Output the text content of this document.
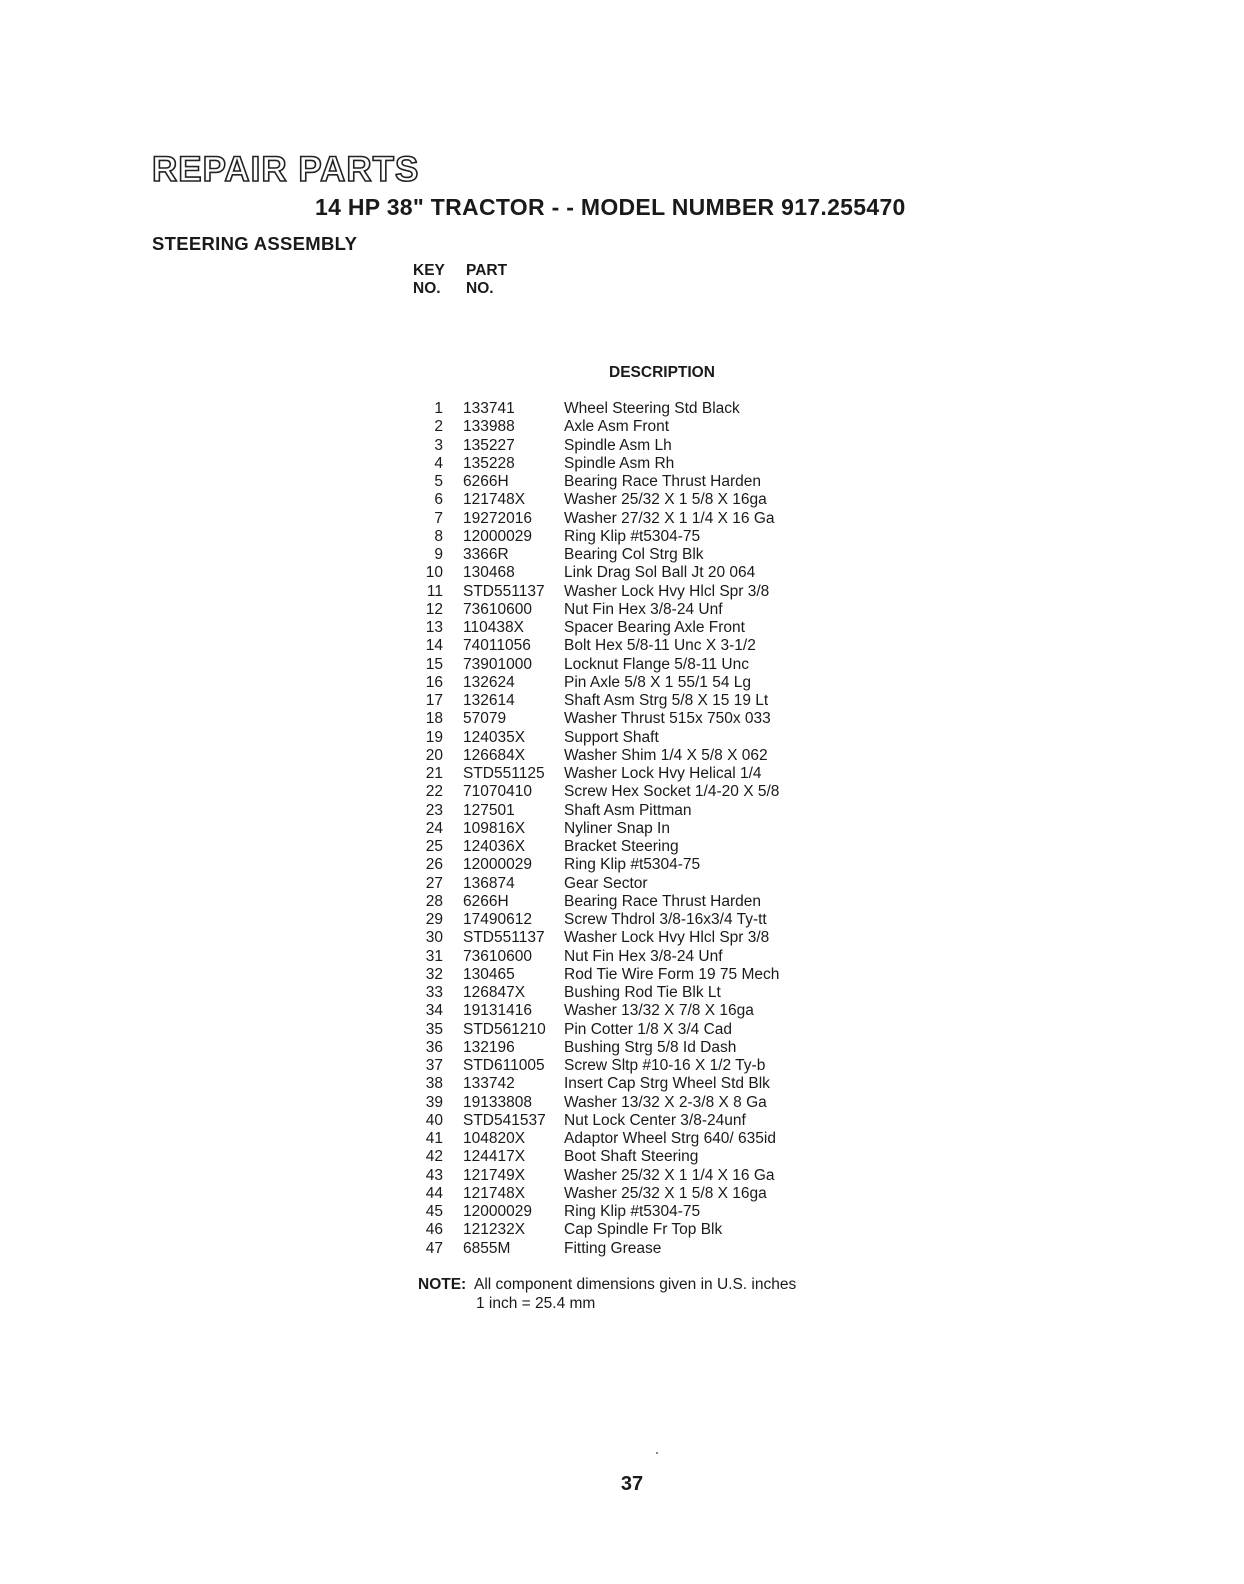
REPAIR PARTS
14 HP 38" TRACTOR - - MODEL NUMBER 917.255470
STEERING ASSEMBLY
KEY
NO.
PART
NO.
DESCRIPTION
1	133741	Wheel Steering Std Black
2	133988	Axle Asm Front
3	135227	Spindle Asm Lh
4	135228	Spindle Asm Rh
5	6266H	Bearing Race Thrust Harden
6	121748X	Washer 25/32 X 1 5/8 X 16ga
7	19272016	Washer 27/32 X 1 1/4 X 16 Ga
8	12000029	Ring Klip #t5304-75
9	3366R	Bearing Col Strg Blk
10	130468	Link Drag Sol Ball Jt 20 064
11	STD551137	Washer Lock Hvy Hlcl Spr 3/8
12	73610600	Nut Fin Hex 3/8-24 Unf
13	110438X	Spacer Bearing Axle Front
14	74011056	Bolt Hex 5/8-11 Unc X 3-1/2
15	73901000	Locknut Flange 5/8-11 Unc
16	132624	Pin Axle 5/8 X 1 55/1 54 Lg
17	132614	Shaft Asm Strg 5/8 X 15 19 Lt
18	57079	Washer Thrust 515x 750x 033
19	124035X	Support Shaft
20	126684X	Washer Shim 1/4 X 5/8 X 062
21	STD551125	Washer Lock Hvy Helical 1/4
22	71070410	Screw Hex Socket 1/4-20 X 5/8
23	127501	Shaft Asm Pittman
24	109816X	Nyliner Snap In
25	124036X	Bracket Steering
26	12000029	Ring Klip #t5304-75
27	136874	Gear Sector
28	6266H	Bearing Race Thrust Harden
29	17490612	Screw Thdrol 3/8-16x3/4 Ty-tt
30	STD551137	Washer Lock Hvy Hlcl Spr 3/8
31	73610600	Nut Fin Hex 3/8-24 Unf
32	130465	Rod Tie Wire Form 19 75 Mech
33	126847X	Bushing Rod Tie Blk Lt
34	19131416	Washer 13/32 X 7/8 X 16ga
35	STD561210	Pin Cotter 1/8 X 3/4 Cad
36	132196	Bushing Strg 5/8 Id Dash
37	STD611005	Screw Sltp #10-16 X 1/2 Ty-b
38	133742	Insert Cap Strg Wheel Std Blk
39	19133808	Washer 13/32 X 2-3/8 X 8 Ga
40	STD541537	Nut Lock Center 3/8-24unf
41	104820X	Adaptor Wheel Strg 640/ 635id
42	124417X	Boot Shaft Steering
43	121749X	Washer 25/32 X 1 1/4 X 16 Ga
44	121748X	Washer 25/32 X 1 5/8 X 16ga
45	12000029	Ring Klip #t5304-75
46	121232X	Cap Spindle Fr Top Blk
47	6855M	Fitting Grease
NOTE: All component dimensions given in U.S. inches
1 inch = 25.4 mm
37
